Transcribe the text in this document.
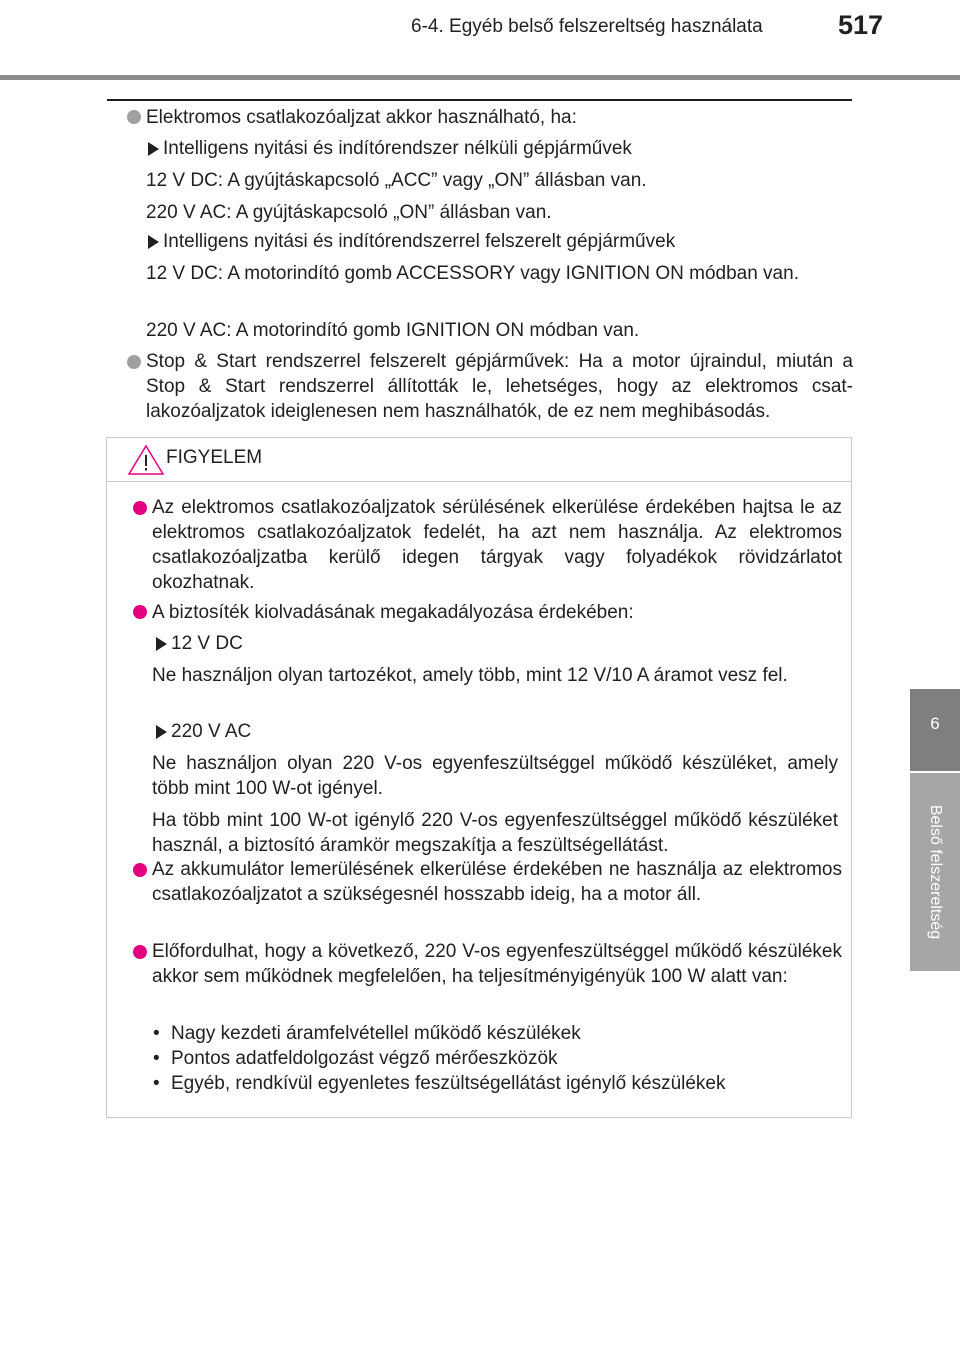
6-4. Egyéb belső felszereltség használata	517
6
Belső felszereltség
Elektromos csatlakozóaljzat akkor használható, ha:
Intelligens nyitási és indítórendszer nélküli gépjárművek
12 V DC: A gyújtáskapcsoló „ACC” vagy „ON” állásban van.
220 V AC: A gyújtáskapcsoló „ON” állásban van.
Intelligens nyitási és indítórendszerrel felszerelt gépjárművek
12 V DC: A motorindító gomb ACCESSORY vagy IGNITION ON módban van.
220 V AC: A motorindító gomb IGNITION ON módban van.
Stop & Start rendszerrel felszerelt gépjárművek: Ha a motor újraindul, miután a Stop & Start rendszerrel állították le, lehetséges, hogy az elektromos csat-lakozóaljzatok ideiglenesen nem használhatók, de ez nem meghibásodás.
FIGYELEM
Az elektromos csatlakozóaljzatok sérülésének elkerülése érdekében hajtsa le az elektromos csatlakozóaljzatok fedelét, ha azt nem használja. Az elektromos csatlakozóaljzatba kerülő idegen tárgyak vagy folyadékok rövidzárlatot okozhatnak.
A biztosíték kiolvadásának megakadályozása érdekében:
12 V DC
Ne használjon olyan tartozékot, amely több, mint 12 V/10 A áramot vesz fel.
220 V AC
Ne használjon olyan 220 V-os egyenfeszültséggel működő készüléket, amely több mint 100 W-ot igényel.
Ha több mint 100 W-ot igénylő 220 V-os egyenfeszültséggel működő készüléket használ, a biztosító áramkör megszakítja a feszültségellátást.
Az akkumulátor lemerülésének elkerülése érdekében ne használja az elektromos csatlakozóaljzatot a szükségesnél hosszabb ideig, ha a motor áll.
Előfordulhat, hogy a következő, 220 V-os egyenfeszültséggel működő készülékek akkor sem működnek megfelelően, ha teljesítményigényük 100 W alatt van:
• Nagy kezdeti áramfelvétellel működő készülékek
• Pontos adatfeldolgozást végző mérőeszközök
• Egyéb, rendkívül egyenletes feszültségellátást igénylő készülékek
